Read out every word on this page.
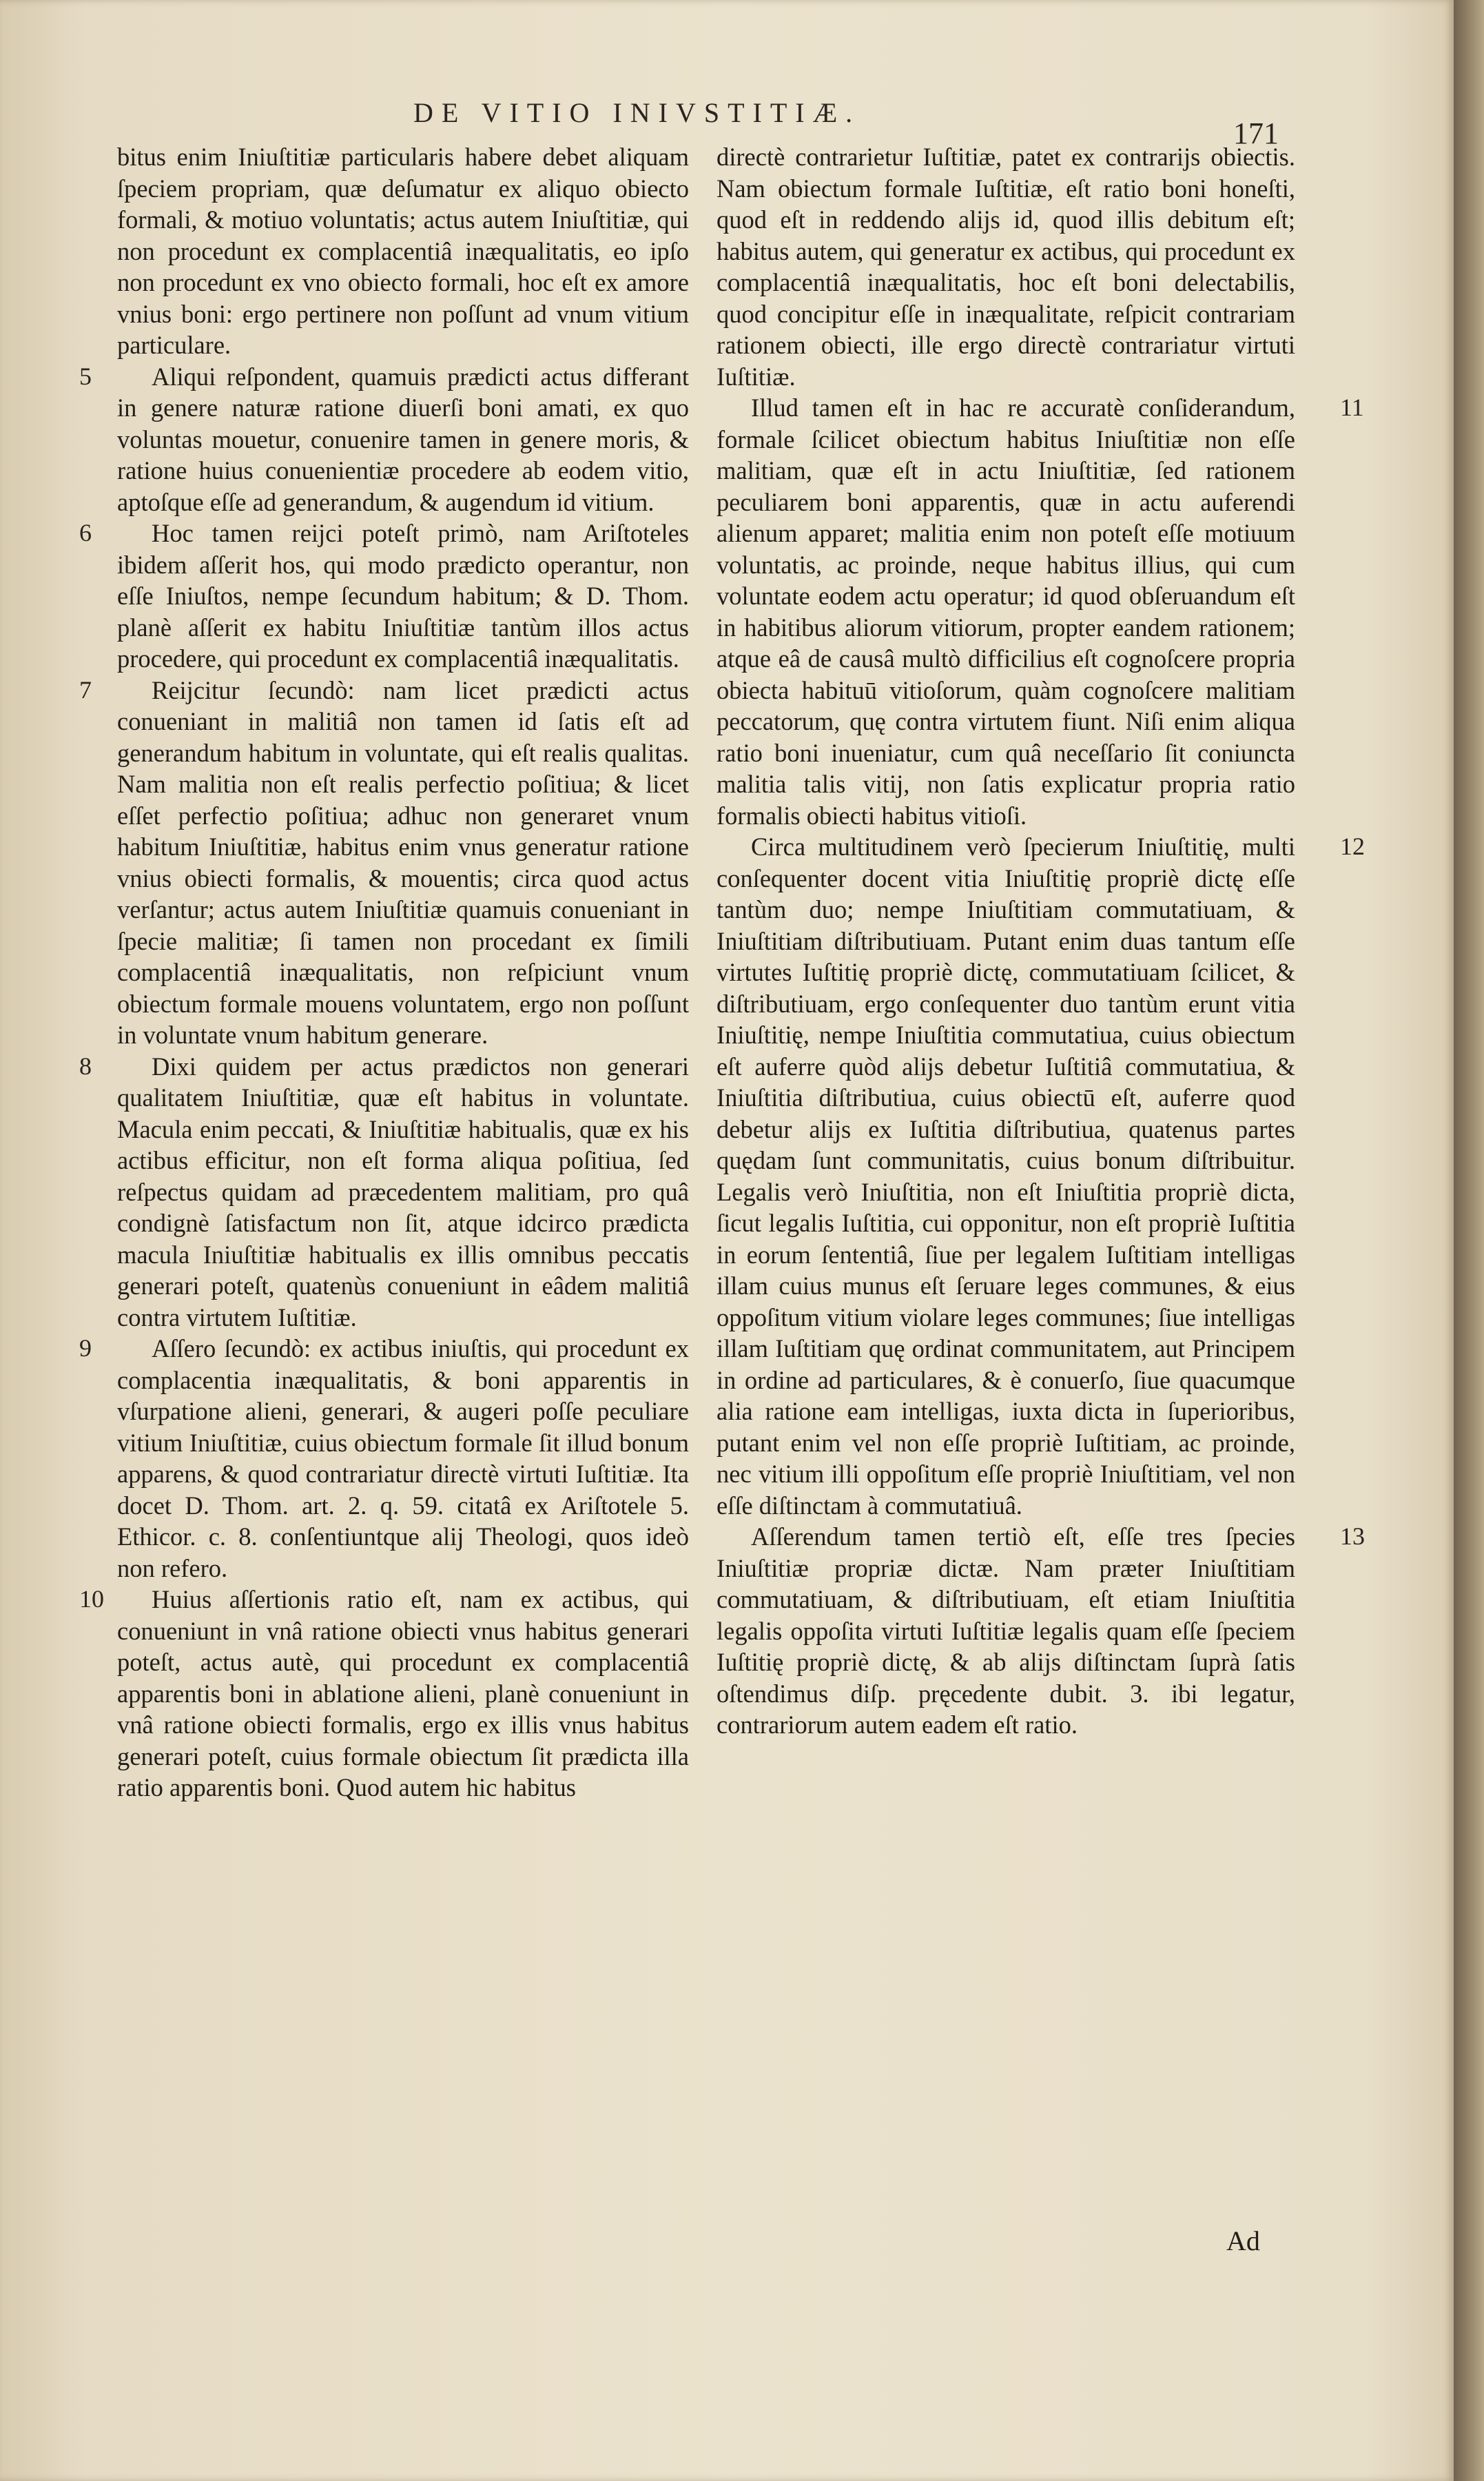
DE VITIO INIVSTITIÆ.
171

bitus enim Iniuſtitiæ particularis habere debet aliquam ſpeciem propriam, quæ deſumatur ex aliquo obiecto formali, & motiuo voluntatis; actus autem Iniuſtitiæ, qui non procedunt ex complacentiâ inæqualitatis, eo ipſo non procedunt ex vno obiecto formali, hoc eſt ex amore vnius boni: ergo pertinere non poſſunt ad vnum vitium particulare.

5 Aliqui reſpondent, quamuis prædicti actus differant in genere naturæ ratione diuerſi boni amati, ex quo voluntas mouetur, conuenire tamen in genere moris, & ratione huius conuenientiæ procedere ab eodem vitio, aptoſque eſſe ad generandum, & augendum id vitium.

6 Hoc tamen reijci poteſt primò, nam Ariſtoteles ibidem aſſerit hos, qui modo prædicto operantur, non eſſe Iniuſtos, nempe ſecundum habitum; & D. Thom. planè aſſerit ex habitu Iniuſtitiæ tantùm illos actus procedere, qui procedunt ex complacentiâ inæqualitatis.

7 Reijcitur ſecundò: nam licet prædicti actus conueniant in malitiâ non tamen id ſatis eſt ad generandum habitum in voluntate, qui eſt realis qualitas. Nam malitia non eſt realis perfectio poſitiua; & licet eſſet perfectio poſitiua; adhuc non generaret vnum habitum Iniuſtitiæ, habitus enim vnus generatur ratione vnius obiecti formalis, & mouentis; circa quod actus verſantur; actus autem Iniuſtitiæ quamuis conueniant in ſpecie malitiæ; ſi tamen non procedant ex ſimili complacentiâ inæqualitatis, non reſpiciunt vnum obiectum formale mouens voluntatem, ergo non poſſunt in voluntate vnum habitum generare.

8 Dixi quidem per actus prædictos non generari qualitatem Iniuſtitiæ, quæ eſt habitus in voluntate. Macula enim peccati, & Iniuſtitiæ habitualis, quæ ex his actibus efficitur, non eſt forma aliqua poſitiua, ſed reſpectus quidam ad præcedentem malitiam, pro quâ condignè ſatisfactum non ſit, atque idcirco prædicta macula Iniuſtitiæ habitualis ex illis omnibus peccatis generari poteſt, quatenùs conueniunt in eâdem malitiâ contra virtutem Iuſtitiæ.

9 Aſſero ſecundò: ex actibus iniuſtis, qui procedunt ex complacentia inæqualitatis, & boni apparentis in vſurpatione alieni, generari, & augeri poſſe peculiare vitium Iniuſtitiæ, cuius obiectum formale ſit illud bonum apparens, & quod contrariatur directè virtuti Iuſtitiæ. Ita docet D. Thom. art. 2. q. 59. citatâ ex Ariſtotele 5. Ethicor. c. 8. conſentiuntque alij Theologi, quos ideò non refero.

10 Huius aſſertionis ratio eſt, nam ex actibus, qui conueniunt in vnâ ratione obiecti vnus habitus generari poteſt, actus autè, qui procedunt ex complacentiâ apparentis boni in ablatione alieni, planè conueniunt in vnâ ratione obiecti formalis, ergo ex illis vnus habitus generari poteſt, cuius formale obiectum ſit prædicta illa ratio apparentis boni. Quod autem hic habitus

directè contrarietur Iuſtitiæ, patet ex contrarijs obiectis. Nam obiectum formale Iuſtitiæ, eſt ratio boni honeſti, quod eſt in reddendo alijs id, quod illis debitum eſt; habitus autem, qui generatur ex actibus, qui procedunt ex complacentiâ inæqualitatis, hoc eſt boni delectabilis, quod concipitur eſſe in inæqualitate, reſpicit contrariam rationem obiecti, ille ergo directè contrariatur virtuti Iuſtitiæ.

11
Illud tamen eſt in hac re accuratè conſiderandum, formale ſcilicet obiectum habitus Iniuſtitiæ non eſſe malitiam, quæ eſt in actu Iniuſtitiæ, ſed rationem peculiarem boni apparentis, quæ in actu auferendi alienum apparet; malitia enim non poteſt eſſe motiuum voluntatis, ac proinde, neque habitus illius, qui cum voluntate eodem actu operatur; id quod obſeruandum eſt in habitibus aliorum vitiorum, propter eandem rationem; atque eâ de causâ multò difficilius eſt cognoſcere propria obiecta habituū vitioſorum, quàm cognoſcere malitiam peccatorum, quę contra virtutem fiunt. Niſi enim aliqua ratio boni inueniatur, cum quâ neceſſario ſit coniuncta malitia talis vitij, non ſatis explicatur propria ratio formalis obiecti habitus vitioſi.

12
Circa multitudinem verò ſpecierum Iniuſtitię, multi conſequenter docent vitia Iniuſtitię propriè dictę eſſe tantùm duo; nempe Iniuſtitiam commutatiuam, & Iniuſtitiam diſtributiuam. Putant enim duas tantum eſſe virtutes Iuſtitię propriè dictę, commutatiuam ſcilicet, & diſtributiuam, ergo conſequenter duo tantùm erunt vitia Iniuſtitię, nempe Iniuſtitia commutatiua, cuius obiectum eſt auferre quòd alijs debetur Iuſtitiâ commutatiua, & Iniuſtitia diſtributiua, cuius obiectū eſt, auferre quod debetur alijs ex Iuſtitia diſtributiua, quatenus partes quędam ſunt communitatis, cuius bonum diſtribuitur. Legalis verò Iniuſtitia, non eſt Iniuſtitia propriè dicta, ſicut legalis Iuſtitia, cui opponitur, non eſt propriè Iuſtitia in eorum ſententiâ, ſiue per legalem Iuſtitiam intelligas illam cuius munus eſt ſeruare leges communes, & eius oppoſitum vitium violare leges communes; ſiue intelligas illam Iuſtitiam quę ordinat communitatem, aut Principem in ordine ad particulares, & è conuerſo, ſiue quacumque alia ratione eam intelligas, iuxta dicta in ſuperioribus, putant enim vel non eſſe propriè Iuſtitiam, ac proinde, nec vitium illi oppoſitum eſſe propriè Iniuſtitiam, vel non eſſe diſtinctam à commutatiuâ.

13
Aſſerendum tamen tertiò eſt, eſſe tres ſpecies Iniuſtitiæ propriæ dictæ. Nam præter Iniuſtitiam commutatiuam, & diſtributiuam, eſt etiam Iniuſtitia legalis oppoſita virtuti Iuſtitiæ legalis quam eſſe ſpeciem Iuſtitię propriè dictę, & ab alijs diſtinctam ſuprà ſatis oſtendimus diſp. pręcedente dubit. 3. ibi legatur, contrariorum autem eadem eſt ratio.

Ad
